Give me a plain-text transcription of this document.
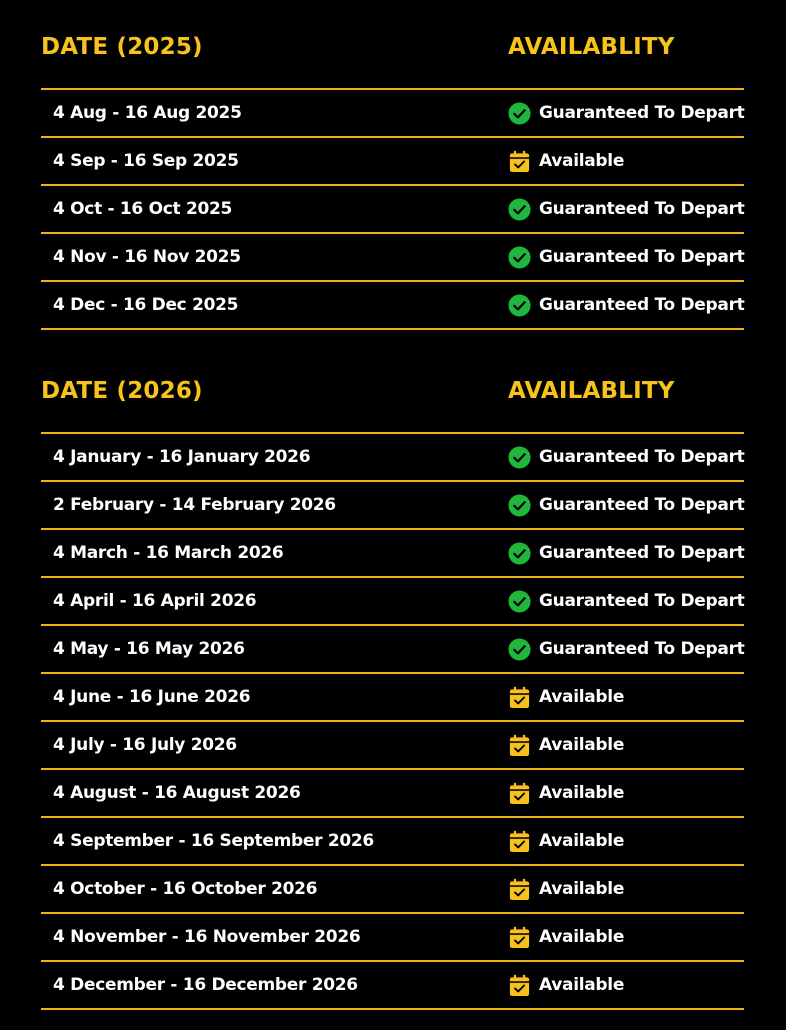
DATE (2025)	AVAILABLITY
4 Aug - 16 Aug 2025	Guaranteed To Depart
4 Sep - 16 Sep 2025	Available
4 Oct - 16 Oct 2025	Guaranteed To Depart
4 Nov - 16 Nov 2025	Guaranteed To Depart
4 Dec - 16 Dec 2025	Guaranteed To Depart
DATE (2026)	AVAILABLITY
4 January - 16 January 2026	Guaranteed To Depart
2 February - 14 February 2026	Guaranteed To Depart
4 March - 16 March 2026	Guaranteed To Depart
4 April - 16 April 2026	Guaranteed To Depart
4 May - 16 May 2026	Guaranteed To Depart
4 June - 16 June 2026	Available
4 July - 16 July 2026	Available
4 August - 16 August 2026	Available
4 September - 16 September 2026	Available
4 October - 16 October 2026	Available
4 November - 16 November 2026	Available
4 December - 16 December 2026	Available
